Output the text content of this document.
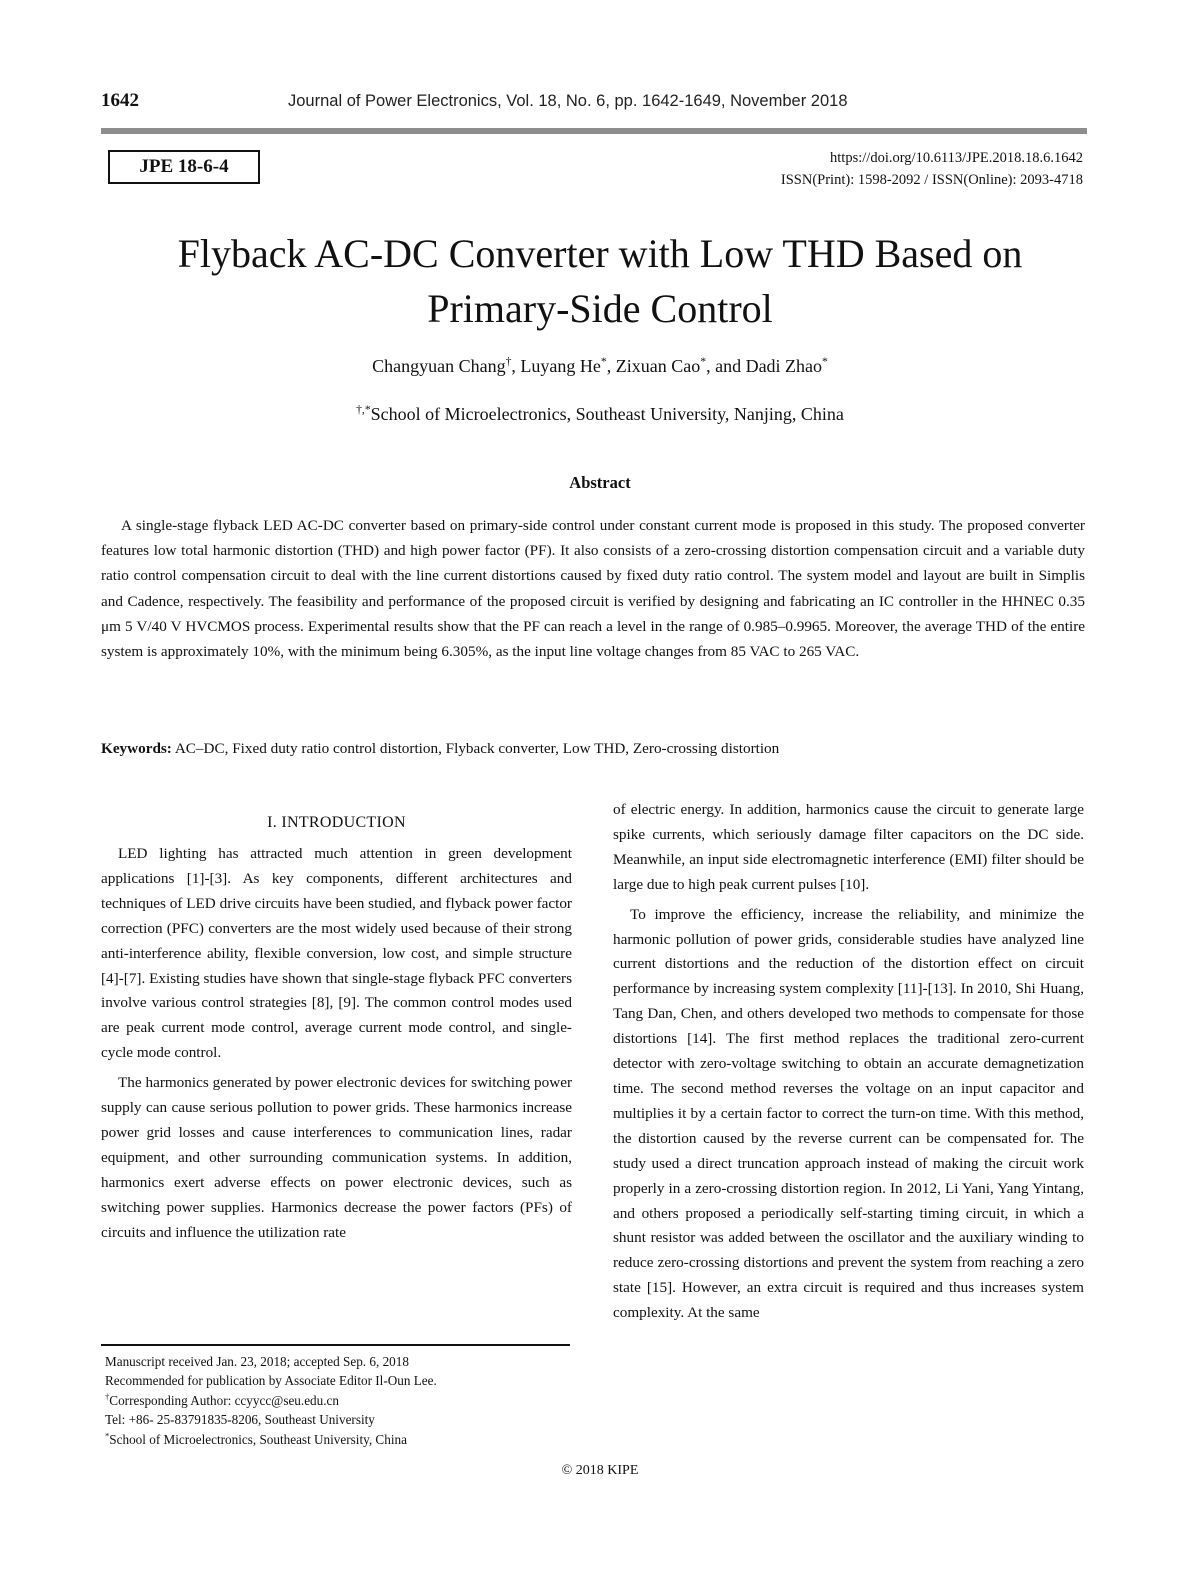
1642	Journal of Power Electronics, Vol. 18, No. 6, pp. 1642-1649, November 2018
JPE 18-6-4	https://doi.org/10.6113/JPE.2018.18.6.1642
ISSN(Print): 1598-2092 / ISSN(Online): 2093-4718
Flyback AC-DC Converter with Low THD Based on
Primary-Side Control
Changyuan Chang†, Luyang He*, Zixuan Cao*, and Dadi Zhao*
†,*School of Microelectronics, Southeast University, Nanjing, China
Abstract

A single-stage flyback LED AC-DC converter based on primary-side control under constant current mode is proposed in this study. The proposed converter features low total harmonic distortion (THD) and high power factor (PF). It also consists of a zero-crossing distortion compensation circuit and a variable duty ratio control compensation circuit to deal with the line current distortions caused by fixed duty ratio control. The system model and layout are built in Simplis and Cadence, respectively. The feasibility and performance of the proposed circuit is verified by designing and fabricating an IC controller in the HHNEC 0.35 μm 5 V/40 V HVCMOS process. Experimental results show that the PF can reach a level in the range of 0.985–0.9965. Moreover, the average THD of the entire system is approximately 10%, with the minimum being 6.305%, as the input line voltage changes from 85 VAC to 265 VAC.

Keywords: AC–DC, Fixed duty ratio control distortion, Flyback converter, Low THD, Zero-crossing distortion
I. INTRODUCTION

LED lighting has attracted much attention in green development applications [1]-[3]. As key components, different architectures and techniques of LED drive circuits have been studied, and flyback power factor correction (PFC) converters are the most widely used because of their strong anti-interference ability, flexible conversion, low cost, and simple structure [4]-[7]. Existing studies have shown that single-stage flyback PFC converters involve various control strategies [8], [9]. The common control modes used are peak current mode control, average current mode control, and single-cycle mode control.

The harmonics generated by power electronic devices for switching power supply can cause serious pollution to power grids. These harmonics increase power grid losses and cause interferences to communication lines, radar equipment, and other surrounding communication systems. In addition, harmonics exert adverse effects on power electronic devices, such as switching power supplies. Harmonics decrease the power factors (PFs) of circuits and influence the utilization rate

of electric energy. In addition, harmonics cause the circuit to generate large spike currents, which seriously damage filter capacitors on the DC side. Meanwhile, an input side electromagnetic interference (EMI) filter should be large due to high peak current pulses [10].

To improve the efficiency, increase the reliability, and minimize the harmonic pollution of power grids, considerable studies have analyzed line current distortions and the reduction of the distortion effect on circuit performance by increasing system complexity [11]-[13]. In 2010, Shi Huang, Tang Dan, Chen, and others developed two methods to compensate for those distortions [14]. The first method replaces the traditional zero-current detector with zero-voltage switching to obtain an accurate demagnetization time. The second method reverses the voltage on an input capacitor and multiplies it by a certain factor to correct the turn-on time. With this method, the distortion caused by the reverse current can be compensated for. The study used a direct truncation approach instead of making the circuit work properly in a zero-crossing distortion region. In 2012, Li Yani, Yang Yintang, and others proposed a periodically self-starting timing circuit, in which a shunt resistor was added between the oscillator and the auxiliary winding to reduce zero-crossing distortions and prevent the system from reaching a zero state [15]. However, an extra circuit is required and thus increases system complexity. At the same

Manuscript received Jan. 23, 2018; accepted Sep. 6, 2018
Recommended for publication by Associate Editor Il-Oun Lee.
†Corresponding Author: ccyycc@seu.edu.cn
Tel: +86- 25-83791835-8206, Southeast University
*School of Microelectronics, Southeast University, China
© 2018 KIPE
